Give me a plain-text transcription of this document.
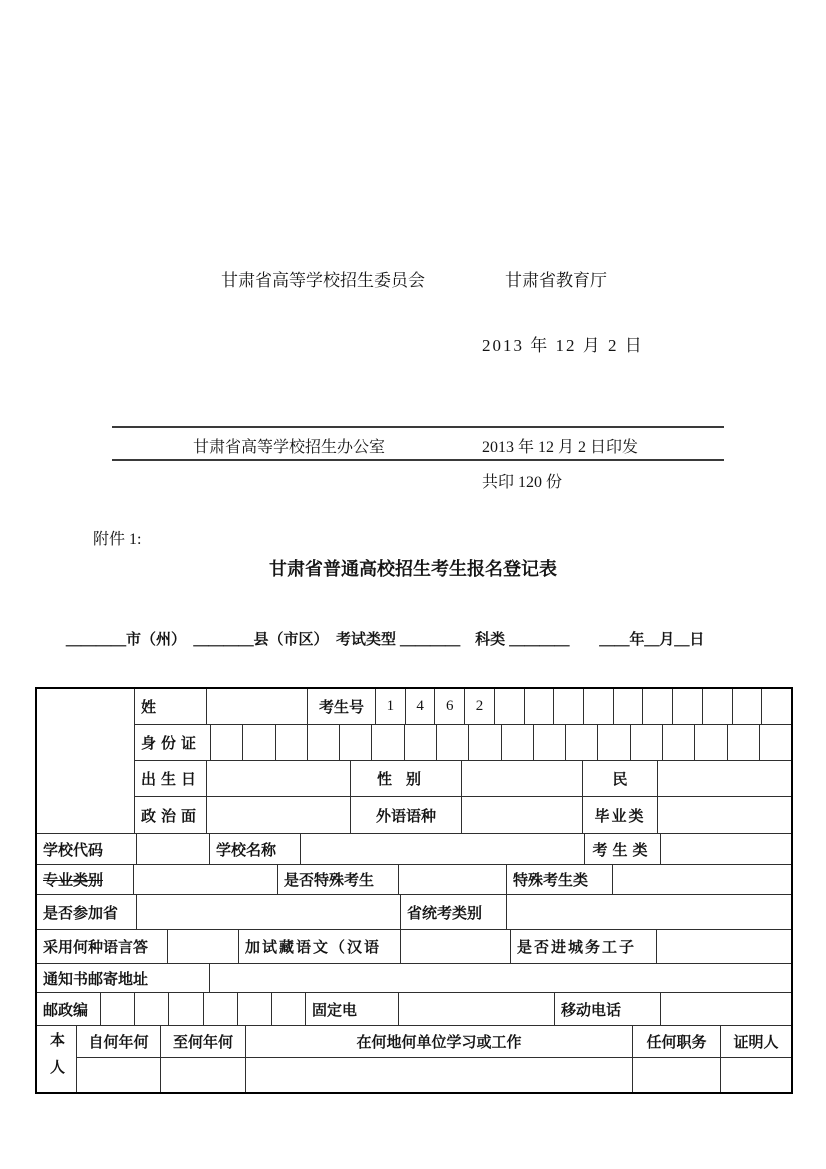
甘肃省高等学校招生委员会	甘肃省教育厅
2013 年 12 月 2 日
甘肃省高等学校招生办公室	2013 年 12 月 2 日印发
共印 120 份
附件 1:
甘肃省普通高校招生考生报名登记表
＿＿＿＿市（州）　＿＿＿＿县（市区）　考试类型 ＿＿＿＿　科类 ＿＿＿＿　　＿＿年＿月＿日
姓	考生号	1	4	6	2
身份证
出生日	性别	民
政治面	外语语种	毕业类
学校代码	学校名称	考生类
专业类别	是否特殊考生	特殊考生类
是否参加省	省统考类别
采用何种语言答	加试藏语文（汉语	是否进城务工子
通知书邮寄地址
邮政编	固定电	移动电话
本人	自何年何	至何年何	在何地何单位学习或工作	任何职务	证明人
